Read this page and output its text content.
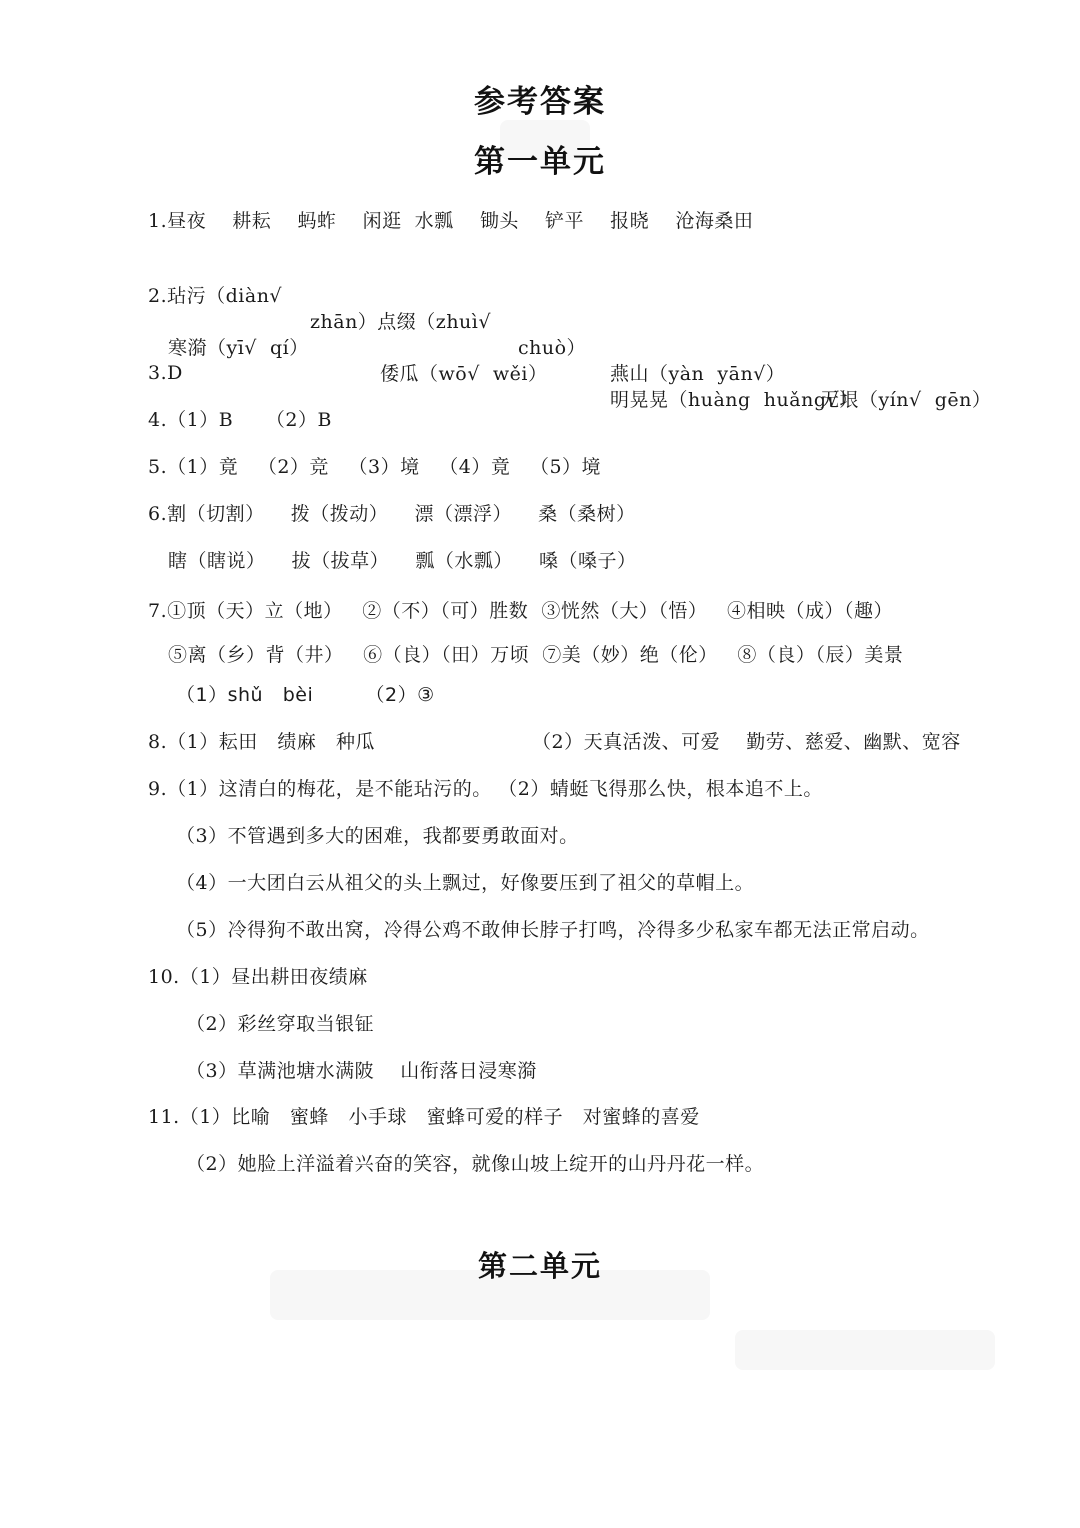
参考答案
第一单元
1.昼夜    耕耘    蚂蚱    闲逛  水瓢    锄头    铲平    报晓    沧海桑田

2.玷污（diàn√

zhān）点缀（zhuì√

chuò）

燕山（yàn  yān√）

无垠（yín√  gēn）

寒漪（yī√  qí）

倭瓜（wō√  wěi）

明晃晃（huàng  huǎng√）

3.D
4.（1）B     （2）B
5.（1）竟   （2）竞   （3）境   （4）竟   （5）境
6.割（切割）    拨（拨动）    漂（漂浮）    桑（桑树）
瞎（瞎说）    拔（拔草）    瓢（水瓢）    嗓（嗓子）
7.①顶（天）立（地）   ②（不）（可）胜数  ③恍然（大）（悟）   ④相映（成）（趣）
⑤离（乡）背（井）   ⑥（良）（田）万顷  ⑦美（妙）绝（伦）   ⑧（良）（辰）美景
（1）shǔ   bèi        （2）③
8.（1）耘田   绩麻   种瓜	（2）天真活泼、可爱    勤劳、慈爱、幽默、宽容
9.（1）这清白的梅花，是不能玷污的。 （2）蜻蜓飞得那么快，根本追不上。
（3）不管遇到多大的困难，我都要勇敢面对。
（4）一大团白云从祖父的头上飘过，好像要压到了祖父的草帽上。
（5）冷得狗不敢出窝，冷得公鸡不敢伸长脖子打鸣，冷得多少私家车都无法正常启动。
10.（1）昼出耕田夜绩麻
（2）彩丝穿取当银钲
（3）草满池塘水满陂    山衔落日浸寒漪
11.（1）比喻   蜜蜂   小手球   蜜蜂可爱的样子   对蜜蜂的喜爱
（2）她脸上洋溢着兴奋的笑容，就像山坡上绽开的山丹丹花一样。
第二单元
